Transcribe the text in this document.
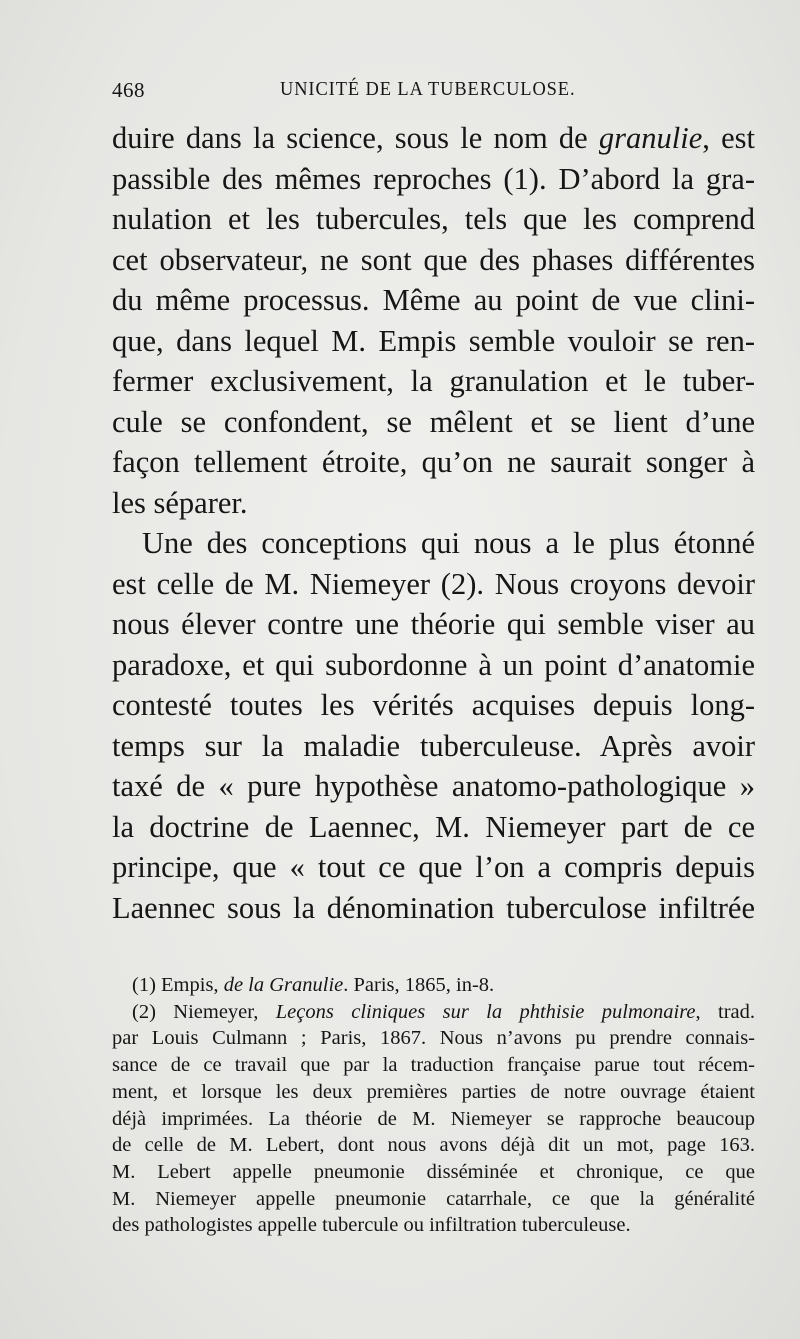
468	UNICITÉ DE LA TUBERCULOSE.

duire dans la science, sous le nom de granulie, est
passible des mêmes reproches (1). D’abord la gra-
nulation et les tubercules, tels que les comprend
cet observateur, ne sont que des phases différentes
du même processus. Même au point de vue clini-
que, dans lequel M. Empis semble vouloir se ren-
fermer exclusivement, la granulation et le tuber-
cule se confondent, se mêlent et se lient d’une
façon tellement étroite, qu’on ne saurait songer à
les séparer.

Une des conceptions qui nous a le plus étonné
est celle de M. Niemeyer (2). Nous croyons devoir
nous élever contre une théorie qui semble viser au
paradoxe, et qui subordonne à un point d’anatomie
contesté toutes les vérités acquises depuis long-
temps sur la maladie tuberculeuse. Après avoir
taxé de « pure hypothèse anatomo-pathologique »
la doctrine de Laennec, M. Niemeyer part de ce
principe, que « tout ce que l’on a compris depuis
Laennec sous la dénomination tuberculose infiltrée

(1) Empis, de la Granulie. Paris, 1865, in-8.
(2) Niemeyer, Leçons cliniques sur la phthisie pulmonaire, trad.
par Louis Culmann ; Paris, 1867. Nous n’avons pu prendre connais-
sance de ce travail que par la traduction française parue tout récem-
ment, et lorsque les deux premières parties de notre ouvrage étaient
déjà imprimées. La théorie de M. Niemeyer se rapproche beaucoup
de celle de M. Lebert, dont nous avons déjà dit un mot, page 163.
M. Lebert appelle pneumonie disséminée et chronique, ce que
M. Niemeyer appelle pneumonie catarrhale, ce que la généralité
des pathologistes appelle tubercule ou infiltration tuberculeuse.
